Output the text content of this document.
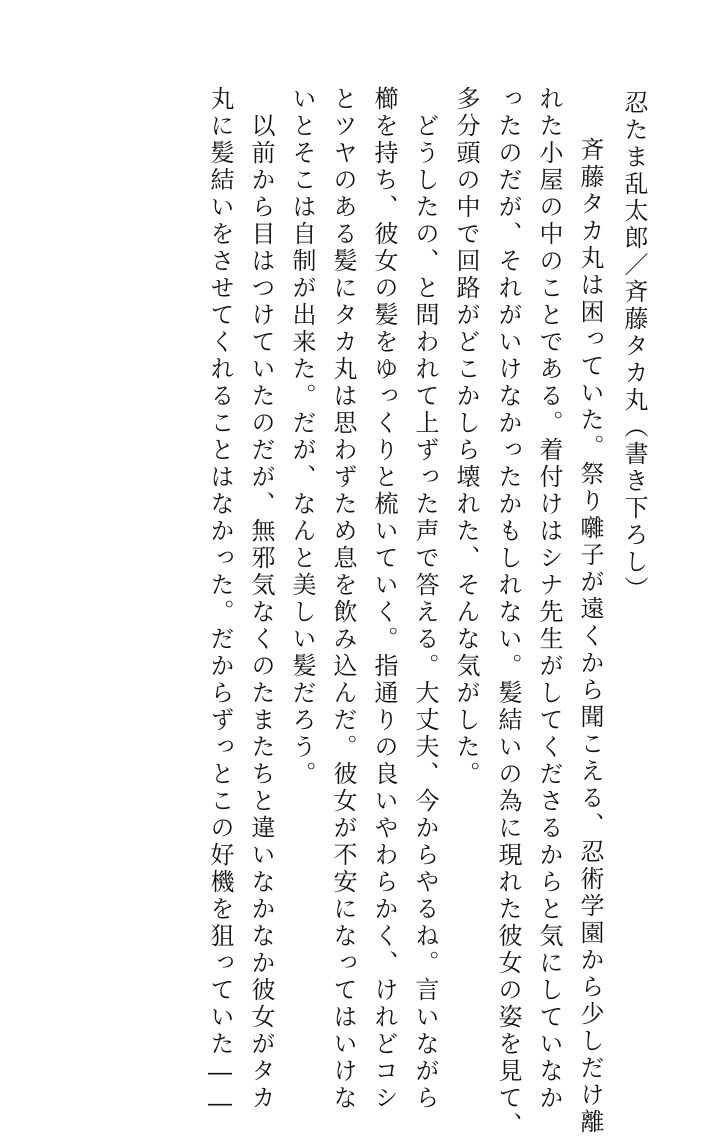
忍たま乱太郎／斉藤タカ丸（書き下ろし）

　斉藤タカ丸は困っていた。祭り囃子が遠くから聞こえる、忍術学園から少しだけ離

れた小屋の中のことである。着付けはシナ先生がしてくださるからと気にしていなか

ったのだが、それがいけなかったかもしれない。髪結いの為に現れた彼女の姿を見て、

多分頭の中で回路がどこかしら壊れた、そんな気がした。

　どうしたの、と問われて上ずった声で答える。大丈夫、今からやるね。言いながら

櫛を持ち、彼女の髪をゆっくりと梳いていく。指通りの良いやわらかく、けれどコシ

とツヤのある髪にタカ丸は思わずため息を飲み込んだ。彼女が不安になってはいけな

いとそこは自制が出来た。だが、なんと美しい髪だろう。

　以前から目はつけていたのだが、無邪気なくのたまたちと違いなかなか彼女がタカ

丸に髪結いをさせてくれることはなかった。だからずっとこの好機を狙っていた――
